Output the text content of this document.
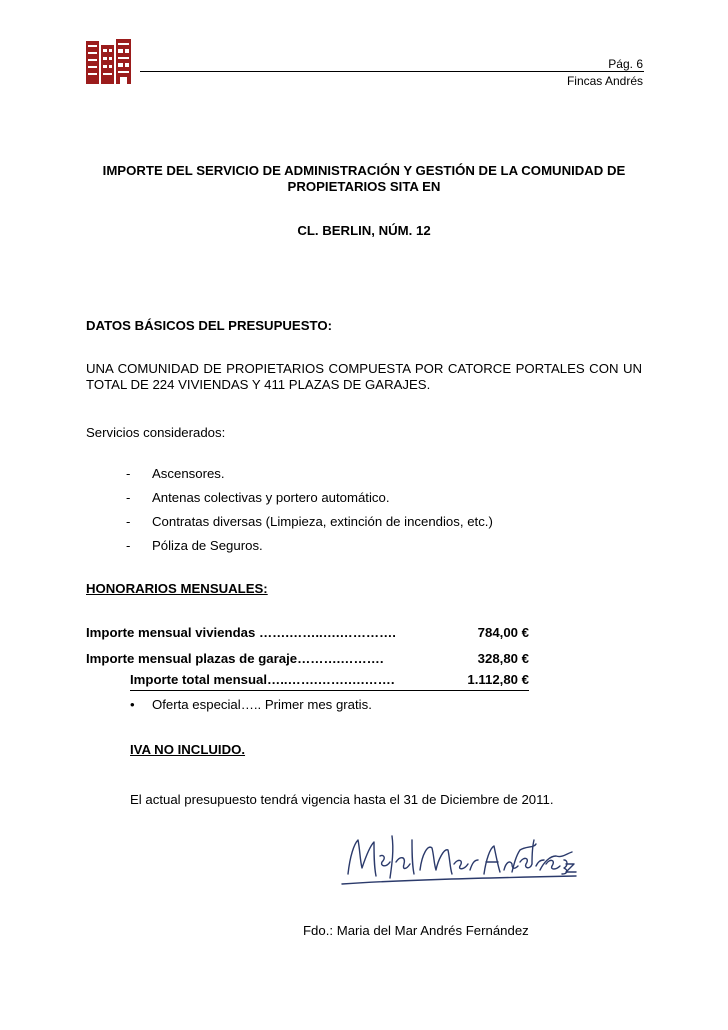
Pág. 6
Fincas Andrés
IMPORTE DEL SERVICIO DE ADMINISTRACIÓN Y GESTIÓN DE LA COMUNIDAD DE
PROPIETARIOS SITA EN
CL. BERLIN, NÚM. 12
DATOS BÁSICOS DEL PRESUPUESTO:
UNA COMUNIDAD DE PROPIETARIOS COMPUESTA POR CATORCE PORTALES CON UN TOTAL DE 224 VIVIENDAS Y 411 PLAZAS DE GARAJES.
Servicios considerados:
- Ascensores.
- Antenas colectivas y portero automático.
- Contratas diversas (Limpieza, extinción de incendios, etc.)
- Póliza de Seguros.
HONORARIOS MENSUALES:
Importe mensual viviendas …….……..….………….	784,00 €
Importe mensual plazas de garaje……….……….	328,80 €
Importe total mensual…..…….…….….…….	1.112,80 €
• Oferta especial….. Primer mes gratis.
IVA NO INCLUIDO.
El actual presupuesto tendrá vigencia hasta el 31 de Diciembre de 2011.
Fdo.: Maria del Mar Andrés Fernández
